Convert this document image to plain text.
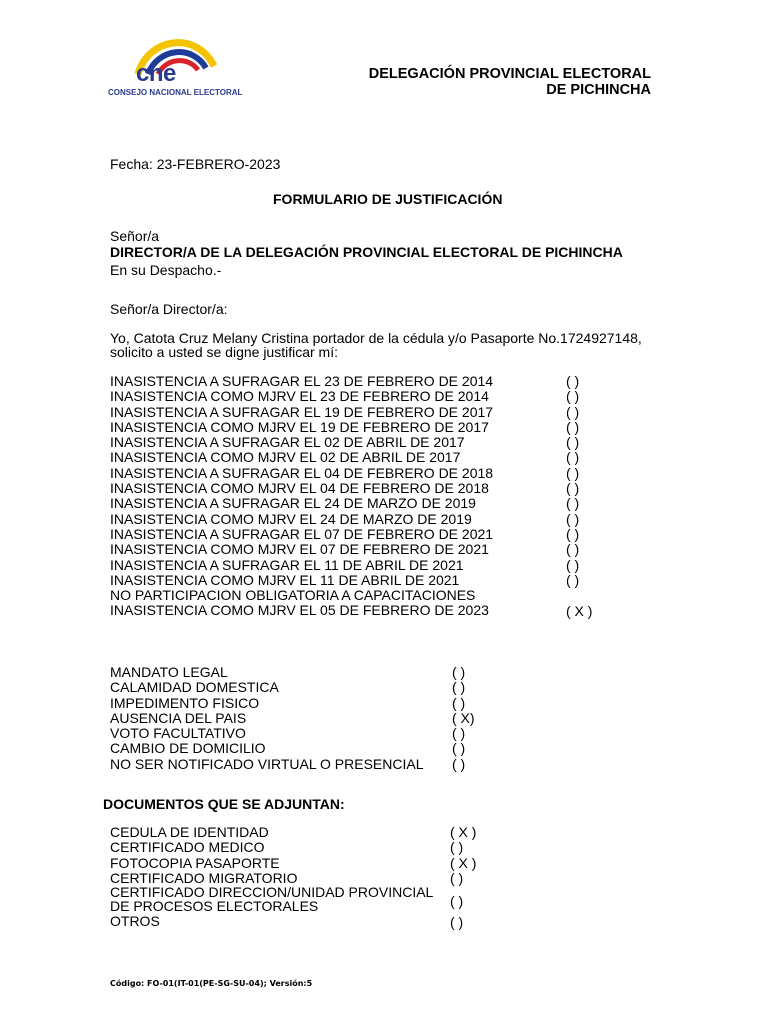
cne
CONSEJO NACIONAL ELECTORAL
DELEGACIÓN PROVINCIAL ELECTORAL
DE PICHINCHA
Fecha: 23-FEBRERO-2023
FORMULARIO DE JUSTIFICACIÓN
Señor/a
DIRECTOR/A DE LA DELEGACIÓN PROVINCIAL ELECTORAL DE PICHINCHA
En su Despacho.-
Señor/a Director/a:
Yo, Catota Cruz Melany Cristina portador de la cédula y/o Pasaporte No.1724927148,
solicito a usted se digne justificar mí:
INASISTENCIA A SUFRAGAR EL 23 DE FEBRERO DE 2014	( )
INASISTENCIA COMO MJRV EL 23 DE FEBRERO DE 2014	( )
INASISTENCIA A SUFRAGAR EL 19 DE FEBRERO DE 2017	( )
INASISTENCIA COMO MJRV EL 19 DE FEBRERO DE 2017	( )
INASISTENCIA A SUFRAGAR EL 02 DE ABRIL DE 2017	( )
INASISTENCIA COMO MJRV EL 02 DE ABRIL DE 2017	( )
INASISTENCIA A SUFRAGAR EL 04 DE FEBRERO DE 2018	( )
INASISTENCIA COMO MJRV EL 04 DE FEBRERO DE 2018	( )
INASISTENCIA A SUFRAGAR EL 24 DE MARZO DE 2019	( )
INASISTENCIA COMO MJRV EL 24 DE MARZO DE 2019	( )
INASISTENCIA A SUFRAGAR EL 07 DE FEBRERO DE 2021	( )
INASISTENCIA COMO MJRV EL 07 DE FEBRERO DE 2021	( )
INASISTENCIA A SUFRAGAR EL 11 DE ABRIL DE 2021	( )
INASISTENCIA COMO MJRV EL 11 DE ABRIL DE 2021	( )
NO PARTICIPACION OBLIGATORIA A CAPACITACIONES
INASISTENCIA COMO MJRV EL 05 DE FEBRERO DE 2023	( X )
MANDATO LEGAL	( )
CALAMIDAD DOMESTICA	( )
IMPEDIMENTO FISICO	( )
AUSENCIA DEL PAIS	( X)
VOTO FACULTATIVO	( )
CAMBIO DE DOMICILIO	( )
NO SER NOTIFICADO VIRTUAL O PRESENCIAL ( )
DOCUMENTOS QUE SE ADJUNTAN:
CEDULA DE IDENTIDAD	( X )
CERTIFICADO MEDICO	( )
FOTOCOPIA PASAPORTE	( X )
CERTIFICADO MIGRATORIO	( )
CERTIFICADO DIRECCION/UNIDAD PROVINCIAL
DE PROCESOS ELECTORALES	( )
OTROS	( )
Código: FO-01(IT-01(PE-SG-SU-04); Versión:5
